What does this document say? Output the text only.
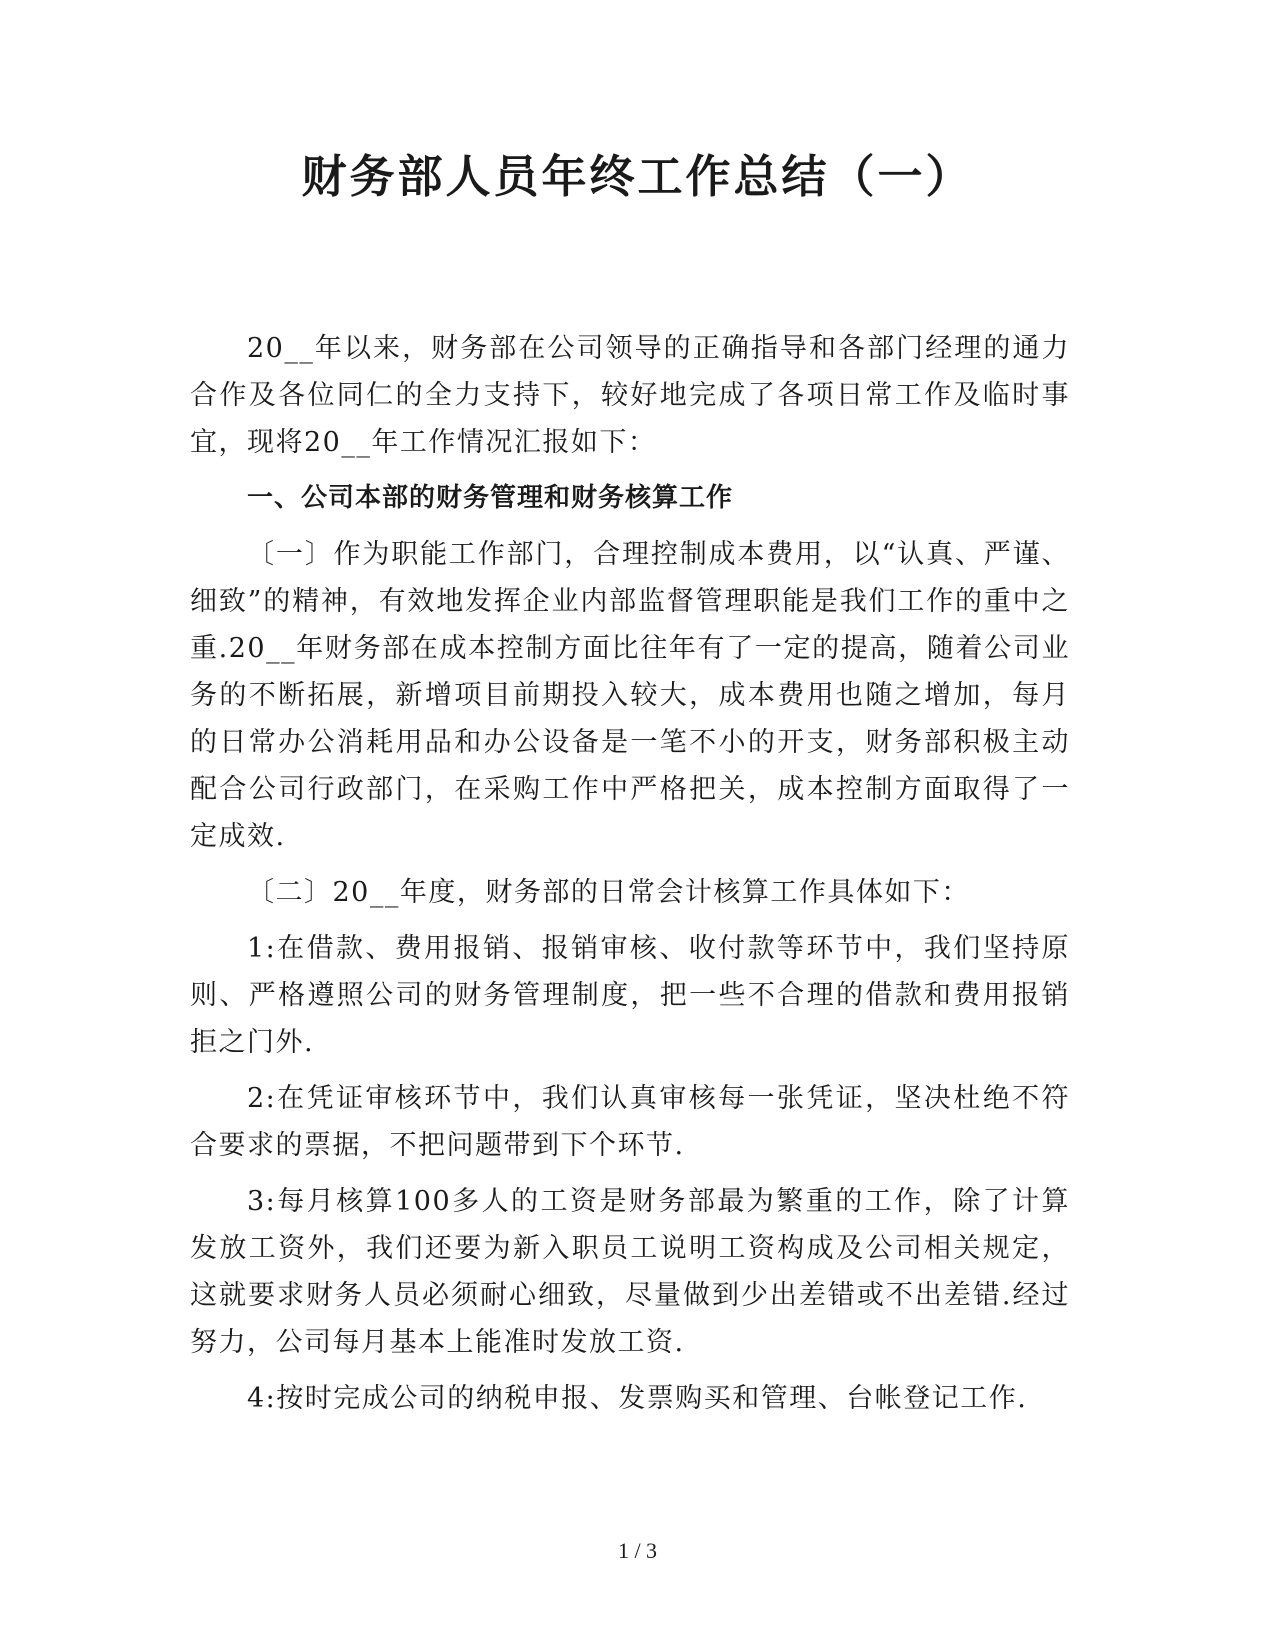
财务部人员年终工作总结（一）

20__年以来，财务部在公司领导的正确指导和各部门经理的通力合作及各位同仁的全力支持下，较好地完成了各项日常工作及临时事宜，现将20__年工作情况汇报如下：

一、公司本部的财务管理和财务核算工作

〔一〕作为职能工作部门，合理控制成本费用，以“认真、严谨、细致”的精神，有效地发挥企业内部监督管理职能是我们工作的重中之重.20__年财务部在成本控制方面比往年有了一定的提高，随着公司业务的不断拓展，新增项目前期投入较大，成本费用也随之增加，每月的日常办公消耗用品和办公设备是一笔不小的开支，财务部积极主动配合公司行政部门，在采购工作中严格把关，成本控制方面取得了一定成效.

〔二〕20__年度，财务部的日常会计核算工作具体如下：

1:在借款、费用报销、报销审核、收付款等环节中，我们坚持原则、严格遵照公司的财务管理制度，把一些不合理的借款和费用报销拒之门外.

2:在凭证审核环节中，我们认真审核每一张凭证，坚决杜绝不符合要求的票据，不把问题带到下个环节.

3:每月核算100多人的工资是财务部最为繁重的工作，除了计算发放工资外，我们还要为新入职员工说明工资构成及公司相关规定，这就要求财务人员必须耐心细致，尽量做到少出差错或不出差错.经过努力，公司每月基本上能准时发放工资.

4:按时完成公司的纳税申报、发票购买和管理、台帐登记工作.

1 / 3
